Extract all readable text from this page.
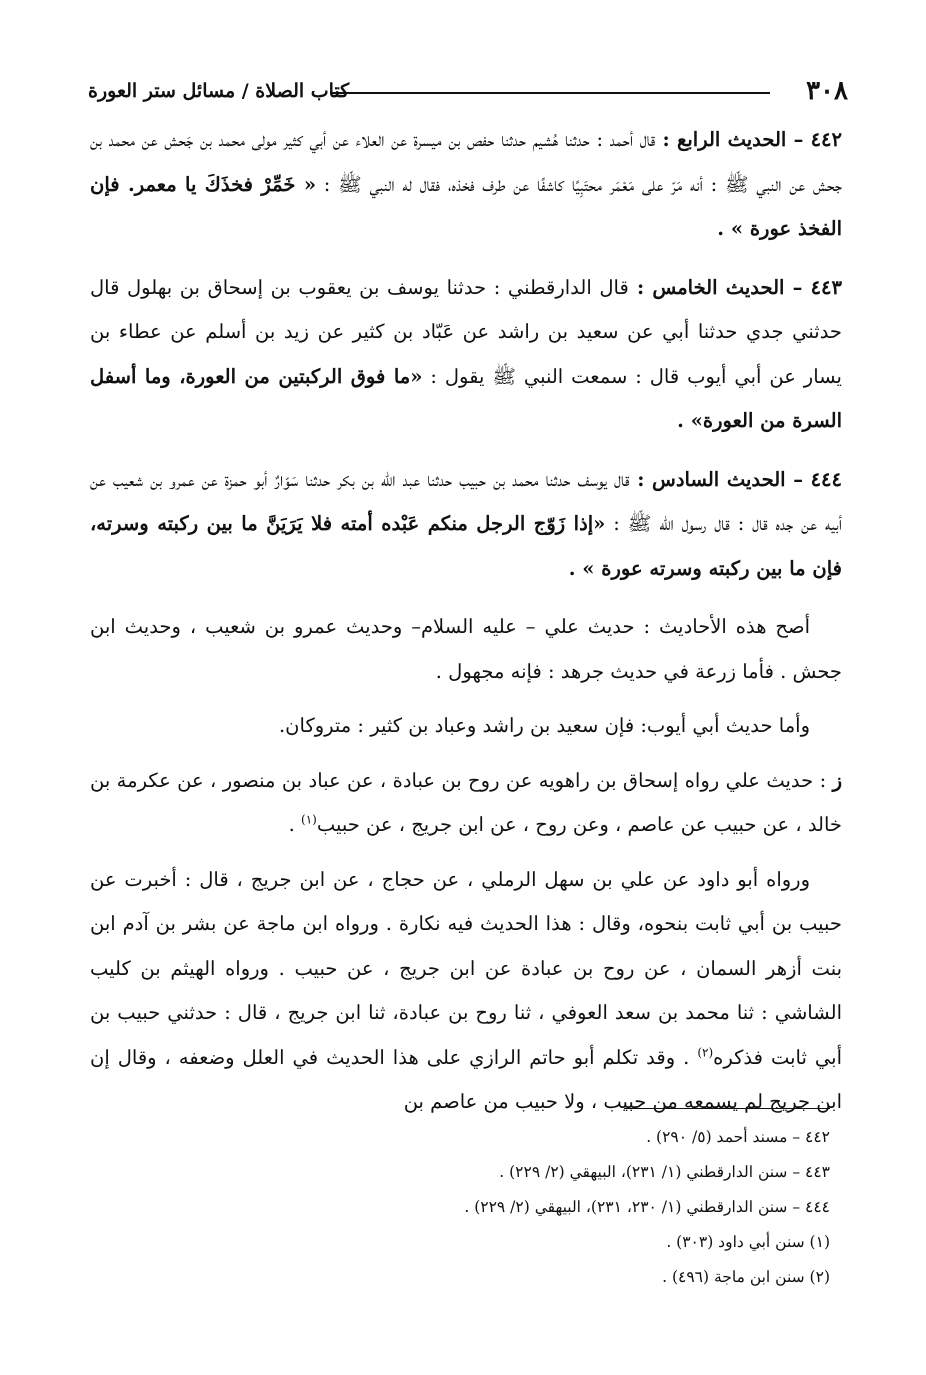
٣٠٨
كتاب الصلاة / مسائل ستر العورة

٤٤٢ – الحديث الرابع : قال أحمد : حدثنا هُشيم حدثنا حفص بن ميسرة عن العلاء عن أبي كثير مولى محمد بن جَحش عن محمد بن جحش عن النبي ﷺ : أنه مَرّ على مَعْمَر محتَبِيًا كاشفًا عن طرف فخذه، فقال له النبي ﷺ : « خَمِّرْ فخذَكَ يا معمر. فإن الفخذ عورة » .

٤٤٣ – الحديث الخامس : قال الدارقطني : حدثنا يوسف بن يعقوب بن إسحاق بن بهلول قال حدثني جدي حدثنا أبي عن سعيد بن راشد عن عَبّاد بن كثير عن زيد بن أسلم عن عطاء بن يسار عن أبي أيوب قال : سمعت النبي ﷺ يقول : «ما فوق الركبتين من العورة، وما أسفل السرة من العورة» .

٤٤٤ – الحديث السادس : قال يوسف حدثنا محمد بن حبيب حدثنا عبد الله بن بكر حدثنا سَوّارٌ أبو حمزة عن عمرو بن شعيب عن أبيه عن جده قال : قال رسول الله ﷺ : «إذا زَوّج الرجل منكم عَبْده أمته فلا يَرَيَنَّ ما بين ركبته وسرته، فإن ما بين ركبته وسرته عورة » .

أصح هذه الأحاديث : حديث علي – عليه السلام– وحديث عمرو بن شعيب ، وحديث ابن جحش . فأما زرعة في حديث جرهد : فإنه مجهول .

وأما حديث أبي أيوب: فإن سعيد بن راشد وعباد بن كثير : متروكان.

ز : حديث علي رواه إسحاق بن راهويه عن روح بن عبادة ، عن عباد بن منصور ، عن عكرمة بن خالد ، عن حبيب عن عاصم ، وعن روح ، عن ابن جريج ، عن حبيب$^{(١)}$ .

ورواه أبو داود عن علي بن سهل الرملي ، عن حجاج ، عن ابن جريج ، قال : أخبرت عن حبيب بن أبي ثابت بنحوه، وقال : هذا الحديث فيه نكارة . ورواه ابن ماجة عن بشر بن آدم ابن بنت أزهر السمان ، عن روح بن عبادة عن ابن جريج ، عن حبيب . ورواه الهيثم بن كليب الشاشي : ثنا محمد بن سعد العوفي ، ثنا روح بن عبادة، ثنا ابن جريج ، قال : حدثني حبيب بن أبي ثابت فذكره$^{(٢)}$ . وقد تكلم أبو حاتم الرازي على هذا الحديث في العلل وضعفه ، وقال إن ابن جريج لم يسمعه من حبيب ، ولا حبيب من عاصم بن

٤٤٢ – مسند أحمد (٥/ ٢٩٠) .

٤٤٣ – سنن الدارقطني (١/ ٢٣١)، البيهقي (٢/ ٢٢٩) .

٤٤٤ – سنن الدارقطني (١/ ٢٣٠، ٢٣١)، البيهقي (٢/ ٢٢٩) .

(١) سنن أبي داود (٣٠٣) .

(٢) سنن ابن ماجة (٤٩٦) .
